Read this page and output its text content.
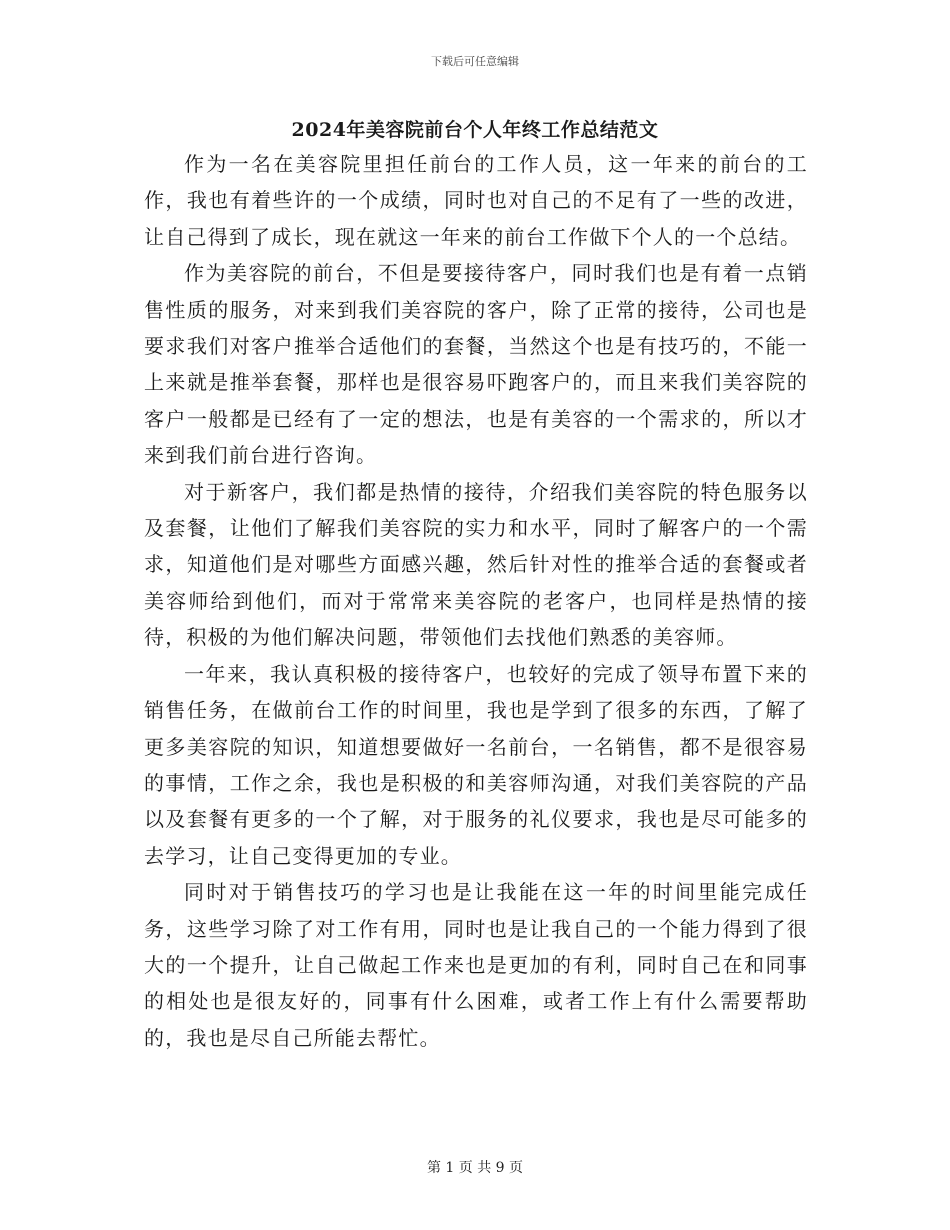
下载后可任意编辑
2024年美容院前台个人年终工作总结范文

作为一名在美容院里担任前台的工作人员，这一年来的前台的工作，我也有着些许的一个成绩，同时也对自己的不足有了一些的改进，让自己得到了成长，现在就这一年来的前台工作做下个人的一个总结。

作为美容院的前台，不但是要接待客户，同时我们也是有着一点销售性质的服务，对来到我们美容院的客户，除了正常的接待，公司也是要求我们对客户推举合适他们的套餐，当然这个也是有技巧的，不能一上来就是推举套餐，那样也是很容易吓跑客户的，而且来我们美容院的客户一般都是已经有了一定的想法，也是有美容的一个需求的，所以才来到我们前台进行咨询。

对于新客户，我们都是热情的接待，介绍我们美容院的特色服务以及套餐，让他们了解我们美容院的实力和水平，同时了解客户的一个需求，知道他们是对哪些方面感兴趣，然后针对性的推举合适的套餐或者美容师给到他们，而对于常常来美容院的老客户，也同样是热情的接待，积极的为他们解决问题，带领他们去找他们熟悉的美容师。

一年来，我认真积极的接待客户，也较好的完成了领导布置下来的销售任务，在做前台工作的时间里，我也是学到了很多的东西，了解了更多美容院的知识，知道想要做好一名前台，一名销售，都不是很容易的事情，工作之余，我也是积极的和美容师沟通，对我们美容院的产品以及套餐有更多的一个了解，对于服务的礼仪要求，我也是尽可能多的去学习，让自己变得更加的专业。

同时对于销售技巧的学习也是让我能在这一年的时间里能完成任务，这些学习除了对工作有用，同时也是让我自己的一个能力得到了很大的一个提升，让自己做起工作来也是更加的有利，同时自己在和同事的相处也是很友好的，同事有什么困难，或者工作上有什么需要帮助的，我也是尽自己所能去帮忙。

第 1 页 共 9 页
